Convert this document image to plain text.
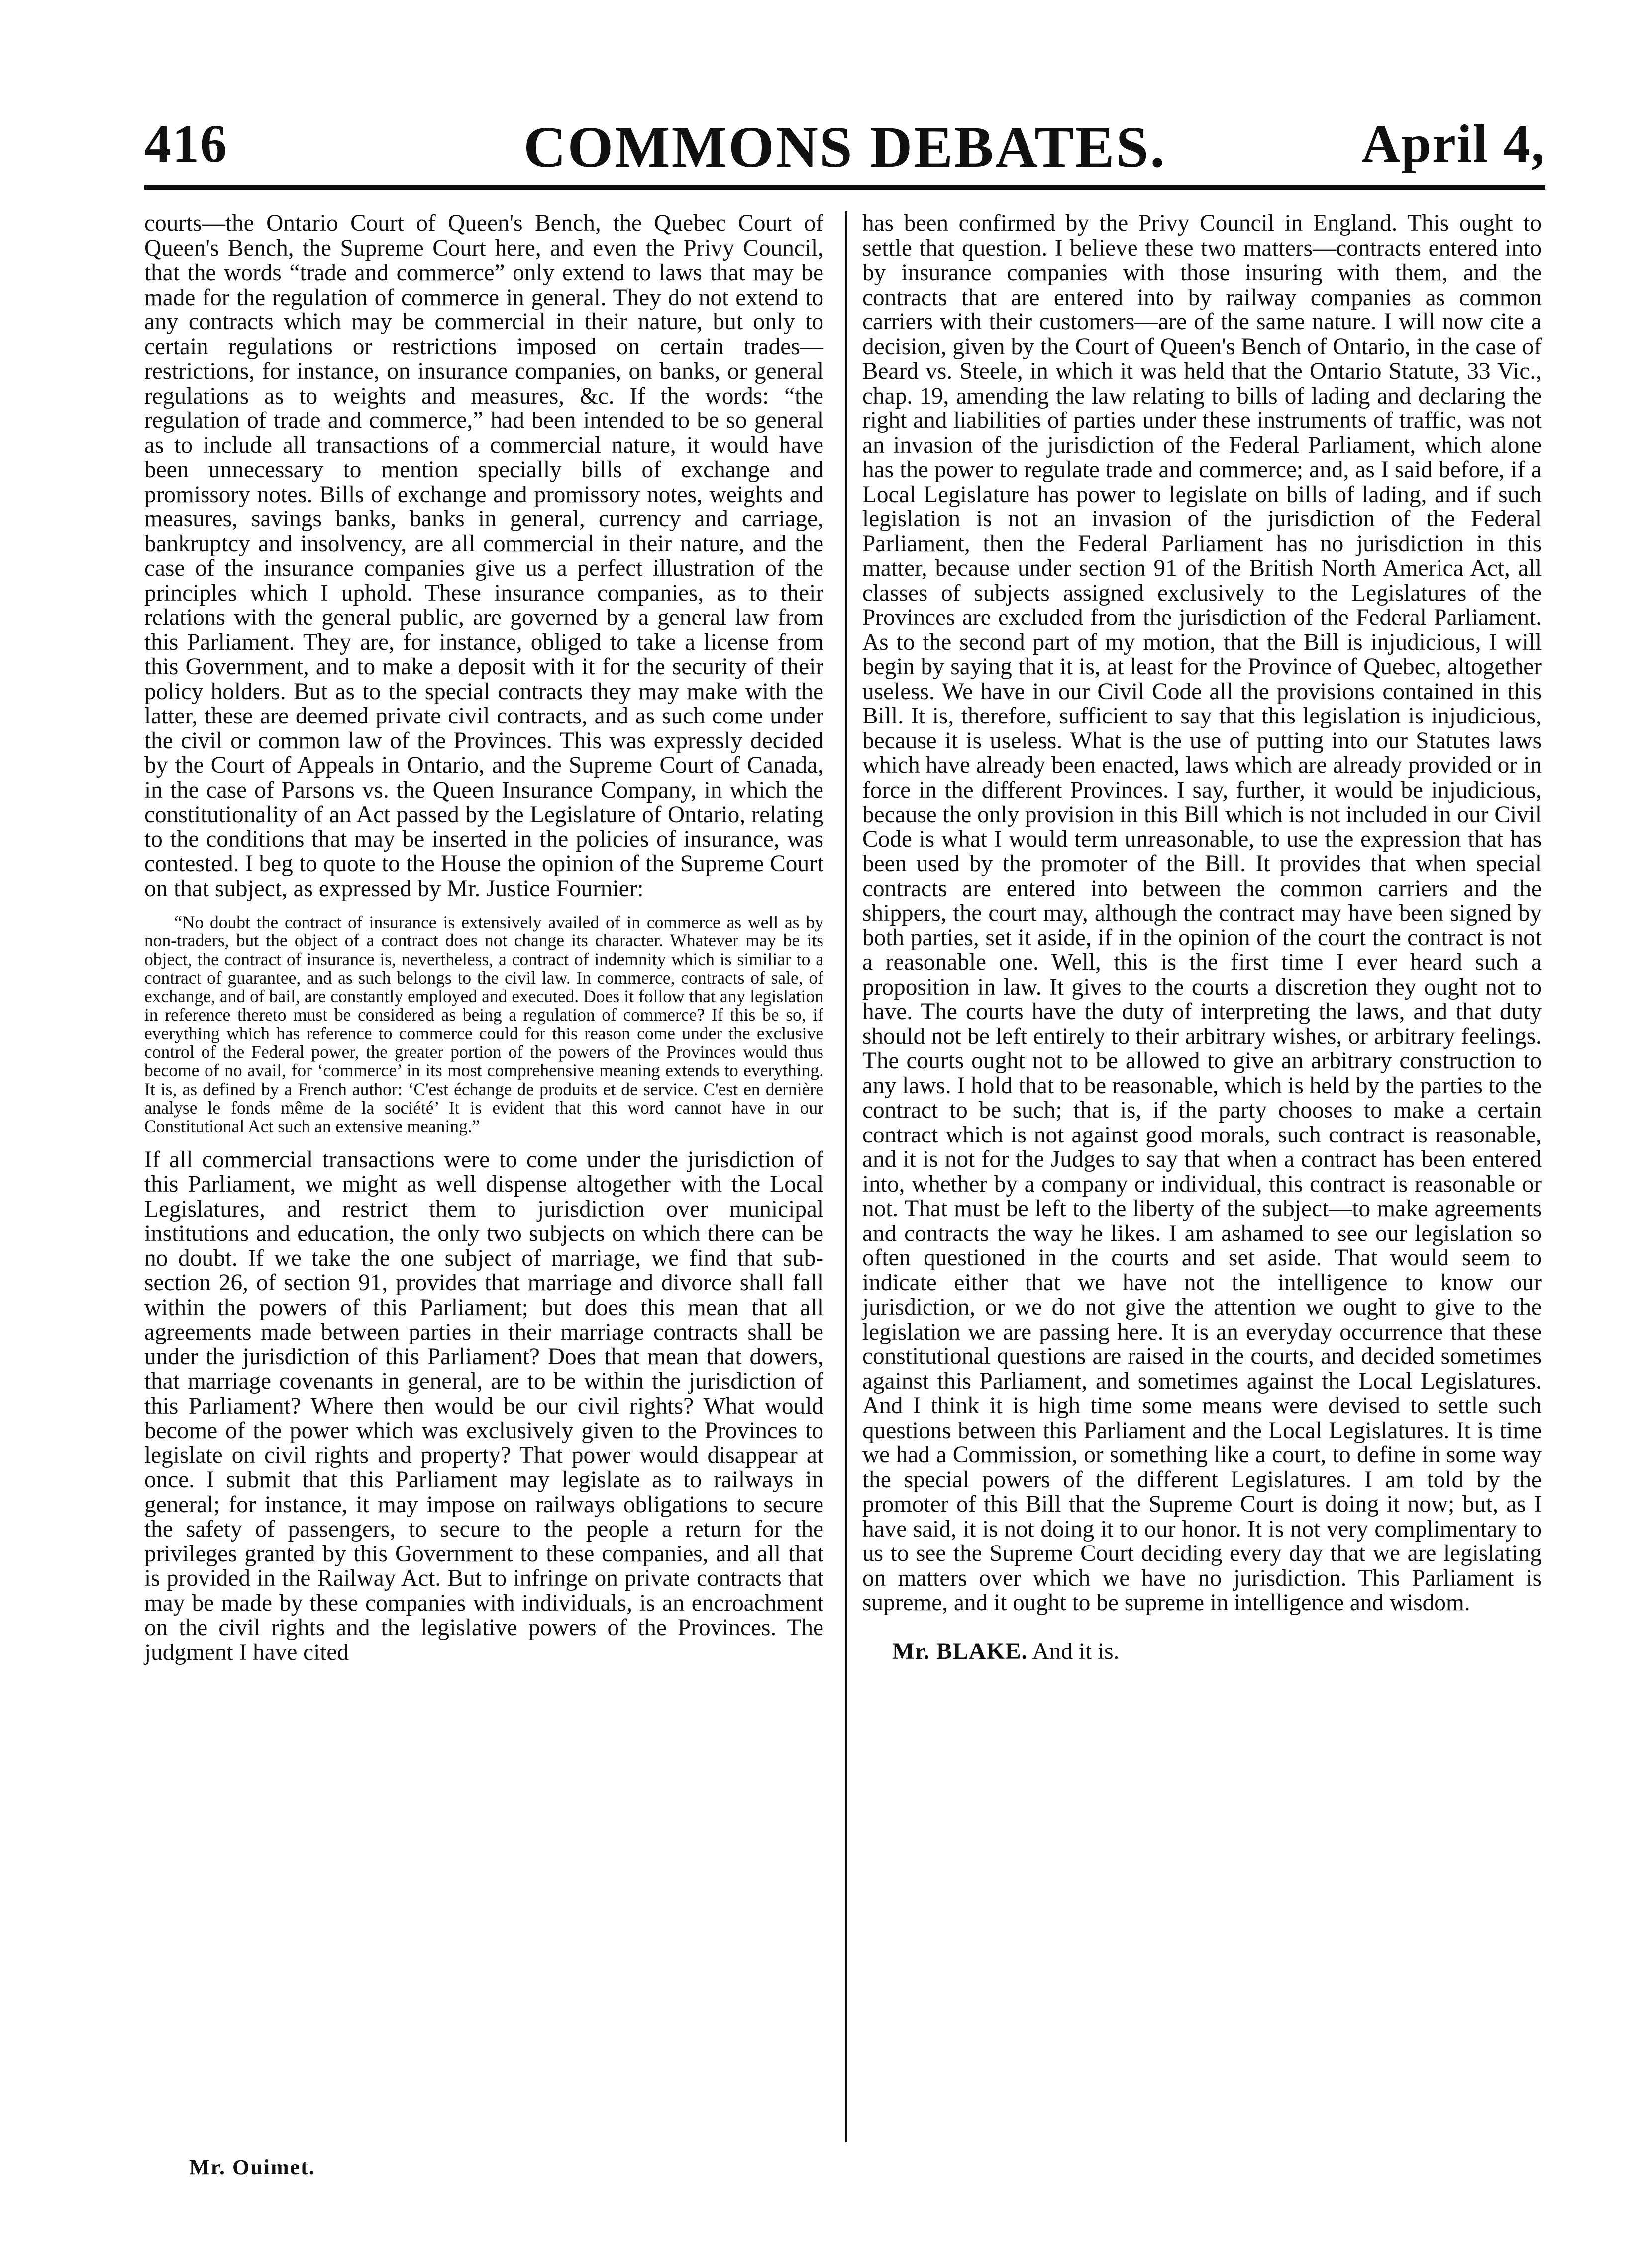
416	COMMONS DEBATES.	April 4,

courts—the Ontario Court of Queen's Bench, the Quebec Court of Queen's Bench, the Supreme Court here, and even the Privy Council, that the words “trade and commerce” only extend to laws that may be made for the regulation of commerce in general. They do not extend to any contracts which may be commercial in their nature, but only to certain regulations or restrictions imposed on certain trades—restrictions, for instance, on insurance companies, on banks, or general regulations as to weights and measures, &c. If the words: “the regulation of trade and commerce,” had been intended to be so general as to include all transactions of a commercial nature, it would have been unnecessary to mention specially bills of exchange and promissory notes. Bills of exchange and promissory notes, weights and measures, savings banks, banks in general, currency and carriage, bankruptcy and insolvency, are all commercial in their nature, and the case of the insurance companies give us a perfect illustration of the principles which I uphold. These insurance companies, as to their relations with the general public, are governed by a general law from this Parliament. They are, for instance, obliged to take a license from this Government, and to make a deposit with it for the security of their policy holders. But as to the special contracts they may make with the latter, these are deemed private civil contracts, and as such come under the civil or common law of the Provinces. This was expressly decided by the Court of Appeals in Ontario, and the Supreme Court of Canada, in the case of Parsons vs. the Queen Insurance Company, in which the constitutionality of an Act passed by the Legislature of Ontario, relating to the conditions that may be inserted in the policies of insurance, was contested. I beg to quote to the House the opinion of the Supreme Court on that subject, as expressed by Mr. Justice Fournier:

“No doubt the contract of insurance is extensively availed of in commerce as well as by non-traders, but the object of a contract does not change its character. Whatever may be its object, the contract of insurance is, nevertheless, a contract of indemnity which is similiar to a contract of guarantee, and as such belongs to the civil law. In commerce, contracts of sale, of exchange, and of bail, are constantly employed and executed. Does it follow that any legislation in reference thereto must be considered as being a regulation of commerce? If this be so, if everything which has reference to commerce could for this reason come under the exclusive control of the Federal power, the greater portion of the powers of the Provinces would thus become of no avail, for ‘commerce’ in its most comprehensive meaning extends to everything. It is, as defined by a French author: ‘C'est échange de produits et de service. C'est en dernière analyse le fonds même de la société’ It is evident that this word cannot have in our Constitutional Act such an extensive meaning.”

If all commercial transactions were to come under the jurisdiction of this Parliament, we might as well dispense altogether with the Local Legislatures, and restrict them to jurisdiction over municipal institutions and education, the only two subjects on which there can be no doubt. If we take the one subject of marriage, we find that sub-section 26, of section 91, provides that marriage and divorce shall fall within the powers of this Parliament; but does this mean that all agreements made between parties in their marriage contracts shall be under the jurisdiction of this Parliament? Does that mean that dowers, that marriage covenants in general, are to be within the jurisdiction of this Parliament? Where then would be our civil rights? What would become of the power which was exclusively given to the Provinces to legislate on civil rights and property? That power would disappear at once. I submit that this Parliament may legislate as to railways in general; for instance, it may impose on railways obligations to secure the safety of passengers, to secure to the people a return for the privileges granted by this Government to these companies, and all that is provided in the Railway Act. But to infringe on private contracts that may be made by these companies with individuals, is an encroachment on the civil rights and the legislative powers of the Provinces. The judgment I have cited

has been confirmed by the Privy Council in England. This ought to settle that question. I believe these two matters—contracts entered into by insurance companies with those insuring with them, and the contracts that are entered into by railway companies as common carriers with their customers—are of the same nature. I will now cite a decision, given by the Court of Queen's Bench of Ontario, in the case of Beard vs. Steele, in which it was held that the Ontario Statute, 33 Vic., chap. 19, amending the law relating to bills of lading and declaring the right and liabilities of parties under these instruments of traffic, was not an invasion of the jurisdiction of the Federal Parliament, which alone has the power to regulate trade and commerce; and, as I said before, if a Local Legislature has power to legislate on bills of lading, and if such legislation is not an invasion of the jurisdiction of the Federal Parliament, then the Federal Parliament has no jurisdiction in this matter, because under section 91 of the British North America Act, all classes of subjects assigned exclusively to the Legislatures of the Provinces are excluded from the jurisdiction of the Federal Parliament. As to the second part of my motion, that the Bill is injudicious, I will begin by saying that it is, at least for the Province of Quebec, altogether useless. We have in our Civil Code all the provisions contained in this Bill. It is, therefore, sufficient to say that this legislation is injudicious, because it is useless. What is the use of putting into our Statutes laws which have already been enacted, laws which are already provided or in force in the different Provinces. I say, further, it would be injudicious, because the only provision in this Bill which is not included in our Civil Code is what I would term unreasonable, to use the expression that has been used by the promoter of the Bill. It provides that when special contracts are entered into between the common carriers and the shippers, the court may, although the contract may have been signed by both parties, set it aside, if in the opinion of the court the contract is not a reasonable one. Well, this is the first time I ever heard such a proposition in law. It gives to the courts a discretion they ought not to have. The courts have the duty of interpreting the laws, and that duty should not be left entirely to their arbitrary wishes, or arbitrary feelings. The courts ought not to be allowed to give an arbitrary construction to any laws. I hold that to be reasonable, which is held by the parties to the contract to be such; that is, if the party chooses to make a certain contract which is not against good morals, such contract is reasonable, and it is not for the Judges to say that when a contract has been entered into, whether by a company or individual, this contract is reasonable or not. That must be left to the liberty of the subject—to make agreements and contracts the way he likes. I am ashamed to see our legislation so often questioned in the courts and set aside. That would seem to indicate either that we have not the intelligence to know our jurisdiction, or we do not give the attention we ought to give to the legislation we are passing here. It is an everyday occurrence that these constitutional questions are raised in the courts, and decided sometimes against this Parliament, and sometimes against the Local Legislatures. And I think it is high time some means were devised to settle such questions between this Parliament and the Local Legislatures. It is time we had a Commission, or something like a court, to define in some way the special powers of the different Legislatures. I am told by the promoter of this Bill that the Supreme Court is doing it now; but, as I have said, it is not doing it to our honor. It is not very complimentary to us to see the Supreme Court deciding every day that we are legislating on matters over which we have no jurisdiction. This Parliament is supreme, and it ought to be supreme in intelligence and wisdom.

Mr. BLAKE. And it is.

Mr. Ouimet.
